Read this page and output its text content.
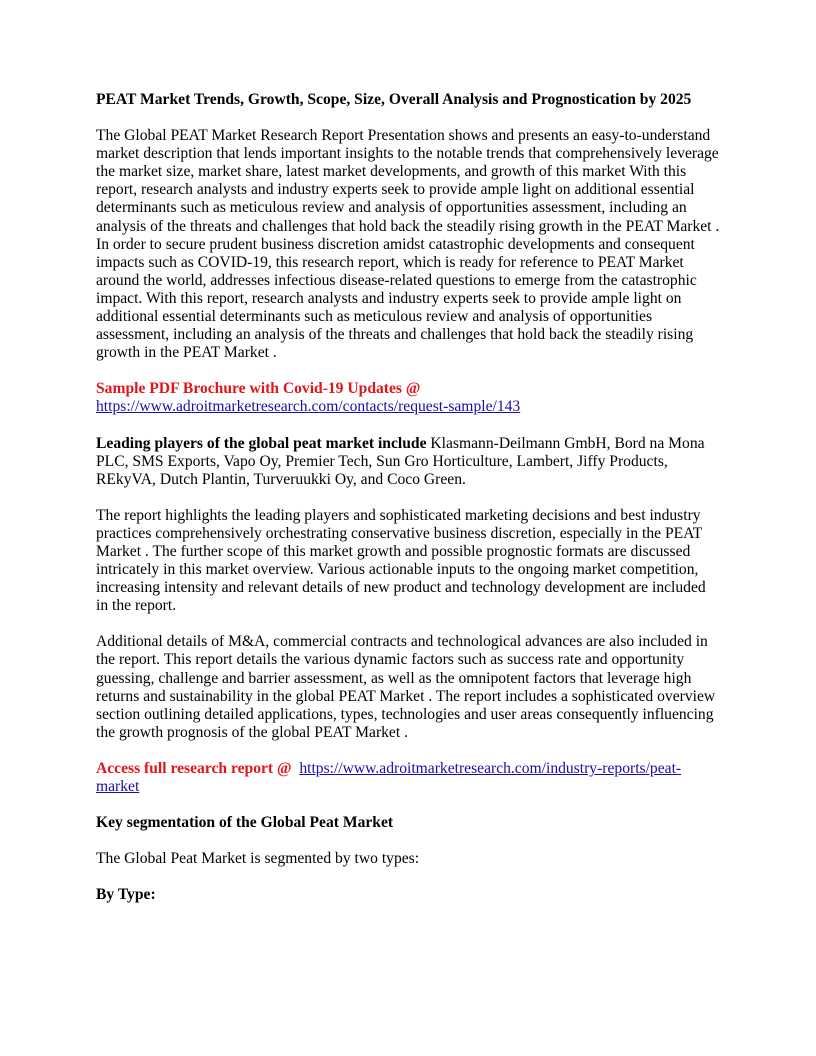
PEAT Market Trends, Growth, Scope, Size, Overall Analysis and Prognostication by 2025

The Global PEAT Market Research Report Presentation shows and presents an easy-to-understand market description that lends important insights to the notable trends that comprehensively leverage the market size, market share, latest market developments, and growth of this market With this report, research analysts and industry experts seek to provide ample light on additional essential determinants such as meticulous review and analysis of opportunities assessment, including an analysis of the threats and challenges that hold back the steadily rising growth in the PEAT Market . In order to secure prudent business discretion amidst catastrophic developments and consequent impacts such as COVID-19, this research report, which is ready for reference to PEAT Market around the world, addresses infectious disease-related questions to emerge from the catastrophic impact. With this report, research analysts and industry experts seek to provide ample light on additional essential determinants such as meticulous review and analysis of opportunities assessment, including an analysis of the threats and challenges that hold back the steadily rising growth in the PEAT Market .

Sample PDF Brochure with Covid-19 Updates @
https://www.adroitmarketresearch.com/contacts/request-sample/143

Leading players of the global peat market include Klasmann-Deilmann GmbH, Bord na Mona PLC, SMS Exports, Vapo Oy, Premier Tech, Sun Gro Horticulture, Lambert, Jiffy Products, REkyVA, Dutch Plantin, Turveruukki Oy, and Coco Green.

The report highlights the leading players and sophisticated marketing decisions and best industry practices comprehensively orchestrating conservative business discretion, especially in the PEAT Market . The further scope of this market growth and possible prognostic formats are discussed intricately in this market overview. Various actionable inputs to the ongoing market competition, increasing intensity and relevant details of new product and technology development are included in the report.

Additional details of M&A, commercial contracts and technological advances are also included in the report. This report details the various dynamic factors such as success rate and opportunity guessing, challenge and barrier assessment, as well as the omnipotent factors that leverage high returns and sustainability in the global PEAT Market . The report includes a sophisticated overview section outlining detailed applications, types, technologies and user areas consequently influencing the growth prognosis of the global PEAT Market .

Access full research report @ https://www.adroitmarketresearch.com/industry-reports/peat-market

Key segmentation of the Global Peat Market

The Global Peat Market is segmented by two types:

By Type:
